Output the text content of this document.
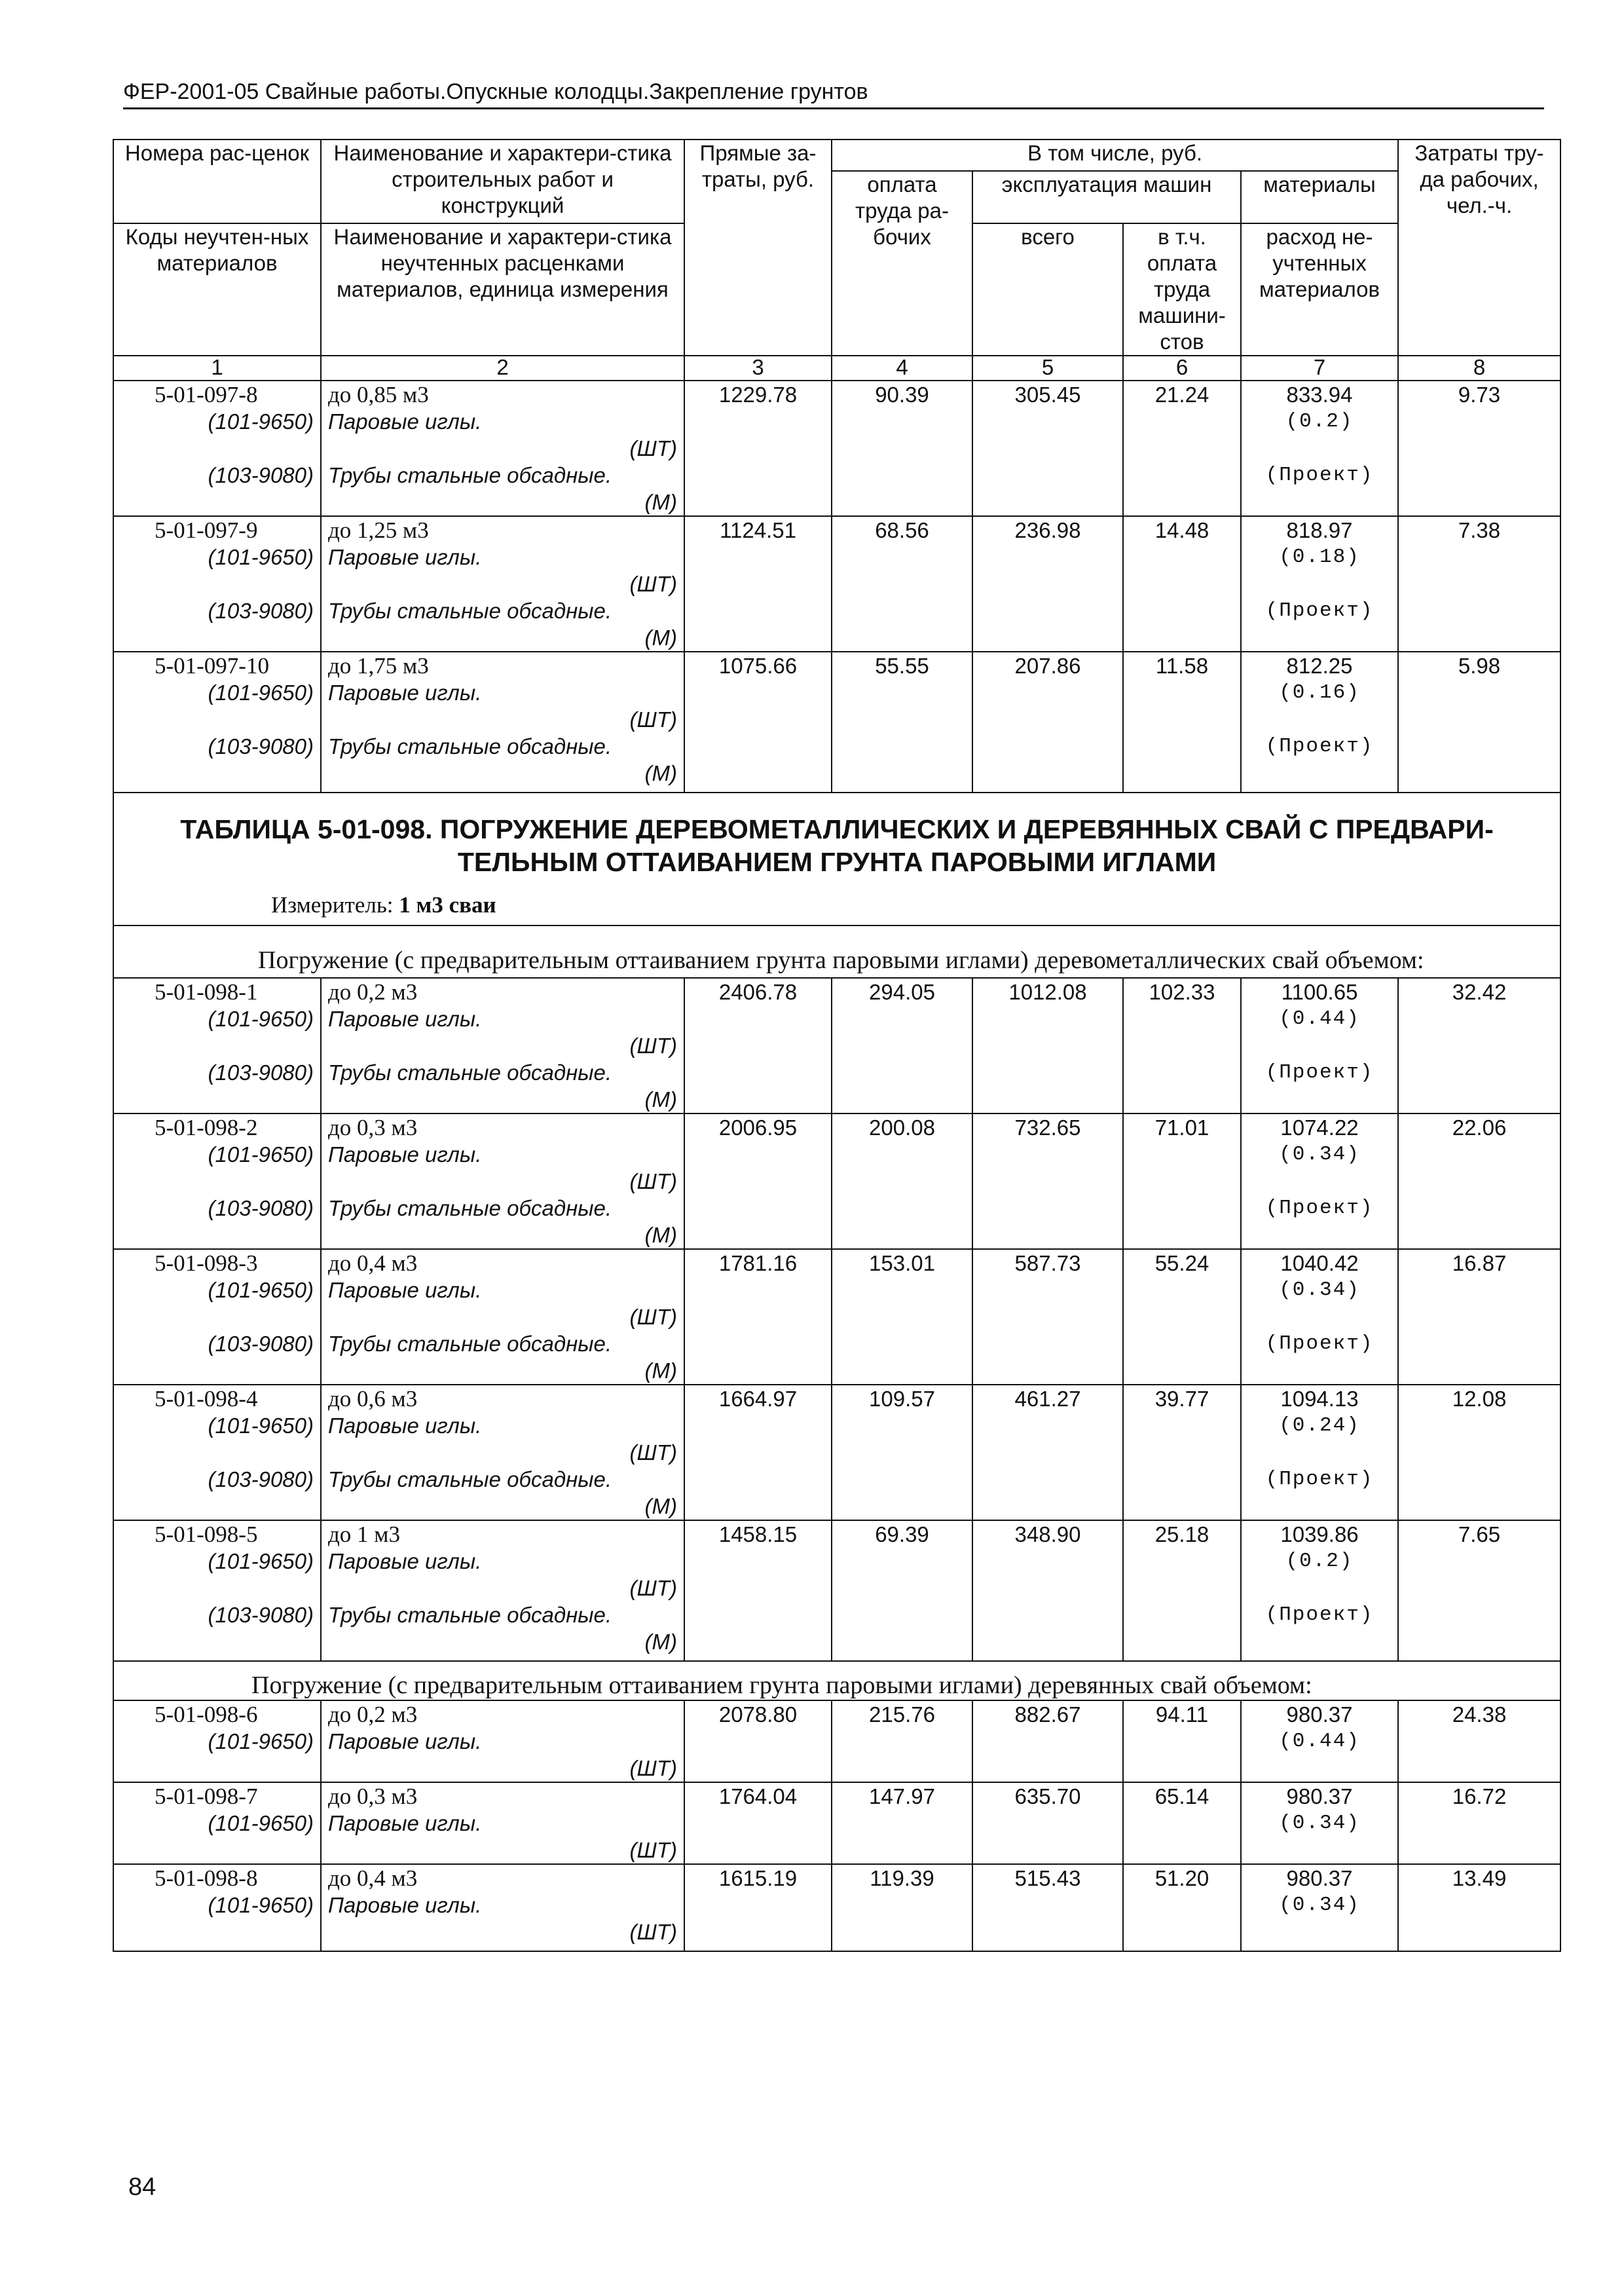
ФЕР-2001-05 Свайные работы.Опускные колодцы.Закрепление грунтов
Номера рас-ценок	Наименование и характери-стика строительных работ и конструкций	Прямые за-траты, руб.	В том числе, руб.				Затраты тру-да рабочих, чел.-ч.
			оплата труда ра-бочих	эксплуатация машин		материалы	
Коды неучтен-ных материалов	Наименование и характери-стика неучтенных расценками материалов, единица измерения			всего	в т.ч. оплата труда машини-стов	расход не-учтенных материалов	

1	2	3	4	5	6	7	8
5-01-097-8	до 0,85 м3	1229.78	90.39	305.45	21.24	833.94	9.73
(101-9650)	Паровые иглы.
(ШТ)					(0.2)	
(103-9080)	Трубы стальные обсадные.
(М)					(Проект)	
5-01-097-9	до 1,25 м3	1124.51	68.56	236.98	14.48	818.97	7.38
(101-9650)	Паровые иглы.
(ШТ)					(0.18)	
(103-9080)	Трубы стальные обсадные.
(М)					(Проект)	
5-01-097-10	до 1,75 м3	1075.66	55.55	207.86	11.58	812.25	5.98
(101-9650)	Паровые иглы.
(ШТ)					(0.16)	
(103-9080)	Трубы стальные обсадные.
(М)					(Проект)	

ТАБЛИЦА 5-01-098. ПОГРУЖЕНИЕ ДЕРЕВОМЕТАЛЛИЧЕСКИХ И ДЕРЕВЯННЫХ СВАЙ С ПРЕДВАРИ-ТЕЛЬНЫМ ОТТАИВАНИЕМ ГРУНТА ПАРОВЫМИ ИГЛАМИ
Измеритель: 1 м3 сваи							

Погружение (с предварительным оттаиванием грунта паровыми иглами) деревометаллических свай объемом:							
5-01-098-1	до 0,2 м3	2406.78	294.05	1012.08	102.33	1100.65	32.42
(101-9650)	Паровые иглы.
(ШТ)					(0.44)	
(103-9080)	Трубы стальные обсадные.
(М)					(Проект)	
5-01-098-2	до 0,3 м3	2006.95	200.08	732.65	71.01	1074.22	22.06
(101-9650)	Паровые иглы.
(ШТ)					(0.34)	
(103-9080)	Трубы стальные обсадные.
(М)					(Проект)	
5-01-098-3	до 0,4 м3	1781.16	153.01	587.73	55.24	1040.42	16.87
(101-9650)	Паровые иглы.
(ШТ)					(0.34)	
(103-9080)	Трубы стальные обсадные.
(М)					(Проект)	
5-01-098-4	до 0,6 м3	1664.97	109.57	461.27	39.77	1094.13	12.08
(101-9650)	Паровые иглы.
(ШТ)					(0.24)	
(103-9080)	Трубы стальные обсадные.
(М)					(Проект)	
5-01-098-5	до 1 м3	1458.15	69.39	348.90	25.18	1039.86	7.65
(101-9650)	Паровые иглы.
(ШТ)					(0.2)	
(103-9080)	Трубы стальные обсадные.
(М)					(Проект)	

Погружение (с предварительным оттаиванием грунта паровыми иглами) деревянных свай объемом:							
5-01-098-6	до 0,2 м3	2078.80	215.76	882.67	94.11	980.37	24.38
(101-9650)	Паровые иглы.
(ШТ)					(0.44)	
5-01-098-7	до 0,3 м3	1764.04	147.97	635.70	65.14	980.37	16.72
(101-9650)	Паровые иглы.
(ШТ)					(0.34)	
5-01-098-8	до 0,4 м3	1615.19	119.39	515.43	51.20	980.37	13.49
(101-9650)	Паровые иглы.
(ШТ)					(0.34)	

84
